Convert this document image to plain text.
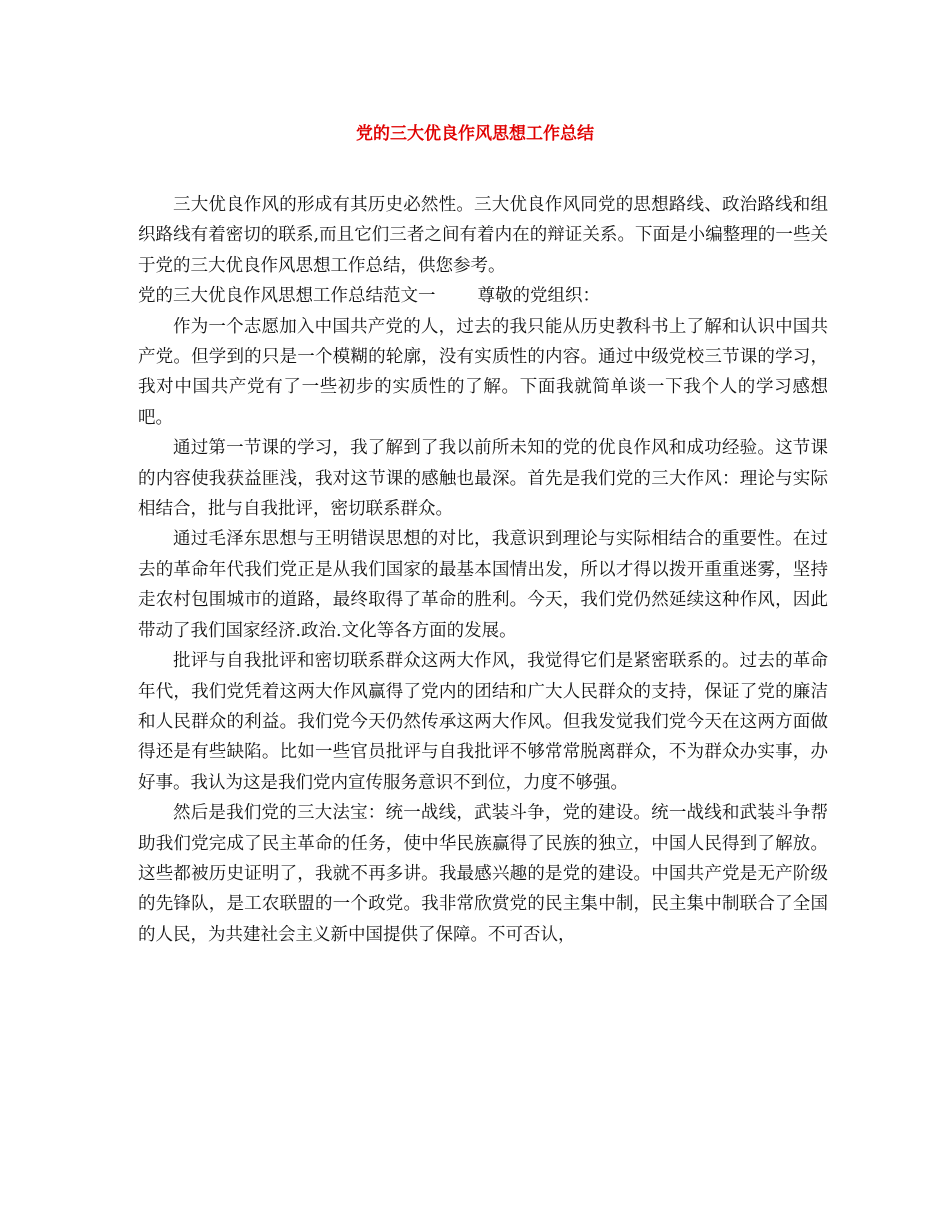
党的三大优良作风思想工作总结

三大优良作风的形成有其历史必然性。三大优良作风同党的思想路线、政治路线和组织路线有着密切的联系,而且它们三者之间有着内在的辩证关系。下面是小编整理的一些关于党的三大优良作风思想工作总结，供您参考。

党的三大优良作风思想工作总结范文一 尊敬的党组织：

作为一个志愿加入中国共产党的人，过去的我只能从历史教科书上了解和认识中国共产党。但学到的只是一个模糊的轮廓，没有实质性的内容。通过中级党校三节课的学习，我对中国共产党有了一些初步的实质性的了解。下面我就简单谈一下我个人的学习感想吧。

通过第一节课的学习，我了解到了我以前所未知的党的优良作风和成功经验。这节课的内容使我获益匪浅，我对这节课的感触也最深。首先是我们党的三大作风：理论与实际相结合，批与自我批评，密切联系群众。

通过毛泽东思想与王明错误思想的对比，我意识到理论与实际相结合的重要性。在过去的革命年代我们党正是从我们国家的最基本国情出发，所以才得以拨开重重迷雾，坚持走农村包围城市的道路，最终取得了革命的胜利。今天，我们党仍然延续这种作风，因此带动了我们国家经济.政治.文化等各方面的发展。

批评与自我批评和密切联系群众这两大作风，我觉得它们是紧密联系的。过去的革命年代，我们党凭着这两大作风赢得了党内的团结和广大人民群众的支持，保证了党的廉洁和人民群众的利益。我们党今天仍然传承这两大作风。但我发觉我们党今天在这两方面做得还是有些缺陷。比如一些官员批评与自我批评不够常常脱离群众，不为群众办实事，办好事。我认为这是我们党内宣传服务意识不到位，力度不够强。

然后是我们党的三大法宝：统一战线，武装斗争，党的建设。统一战线和武装斗争帮助我们党完成了民主革命的任务，使中华民族赢得了民族的独立，中国人民得到了解放。这些都被历史证明了，我就不再多讲。我最感兴趣的是党的建设。中国共产党是无产阶级的先锋队，是工农联盟的一个政党。我非常欣赏党的民主集中制，民主集中制联合了全国的人民，为共建社会主义新中国提供了保障。不可否认，
